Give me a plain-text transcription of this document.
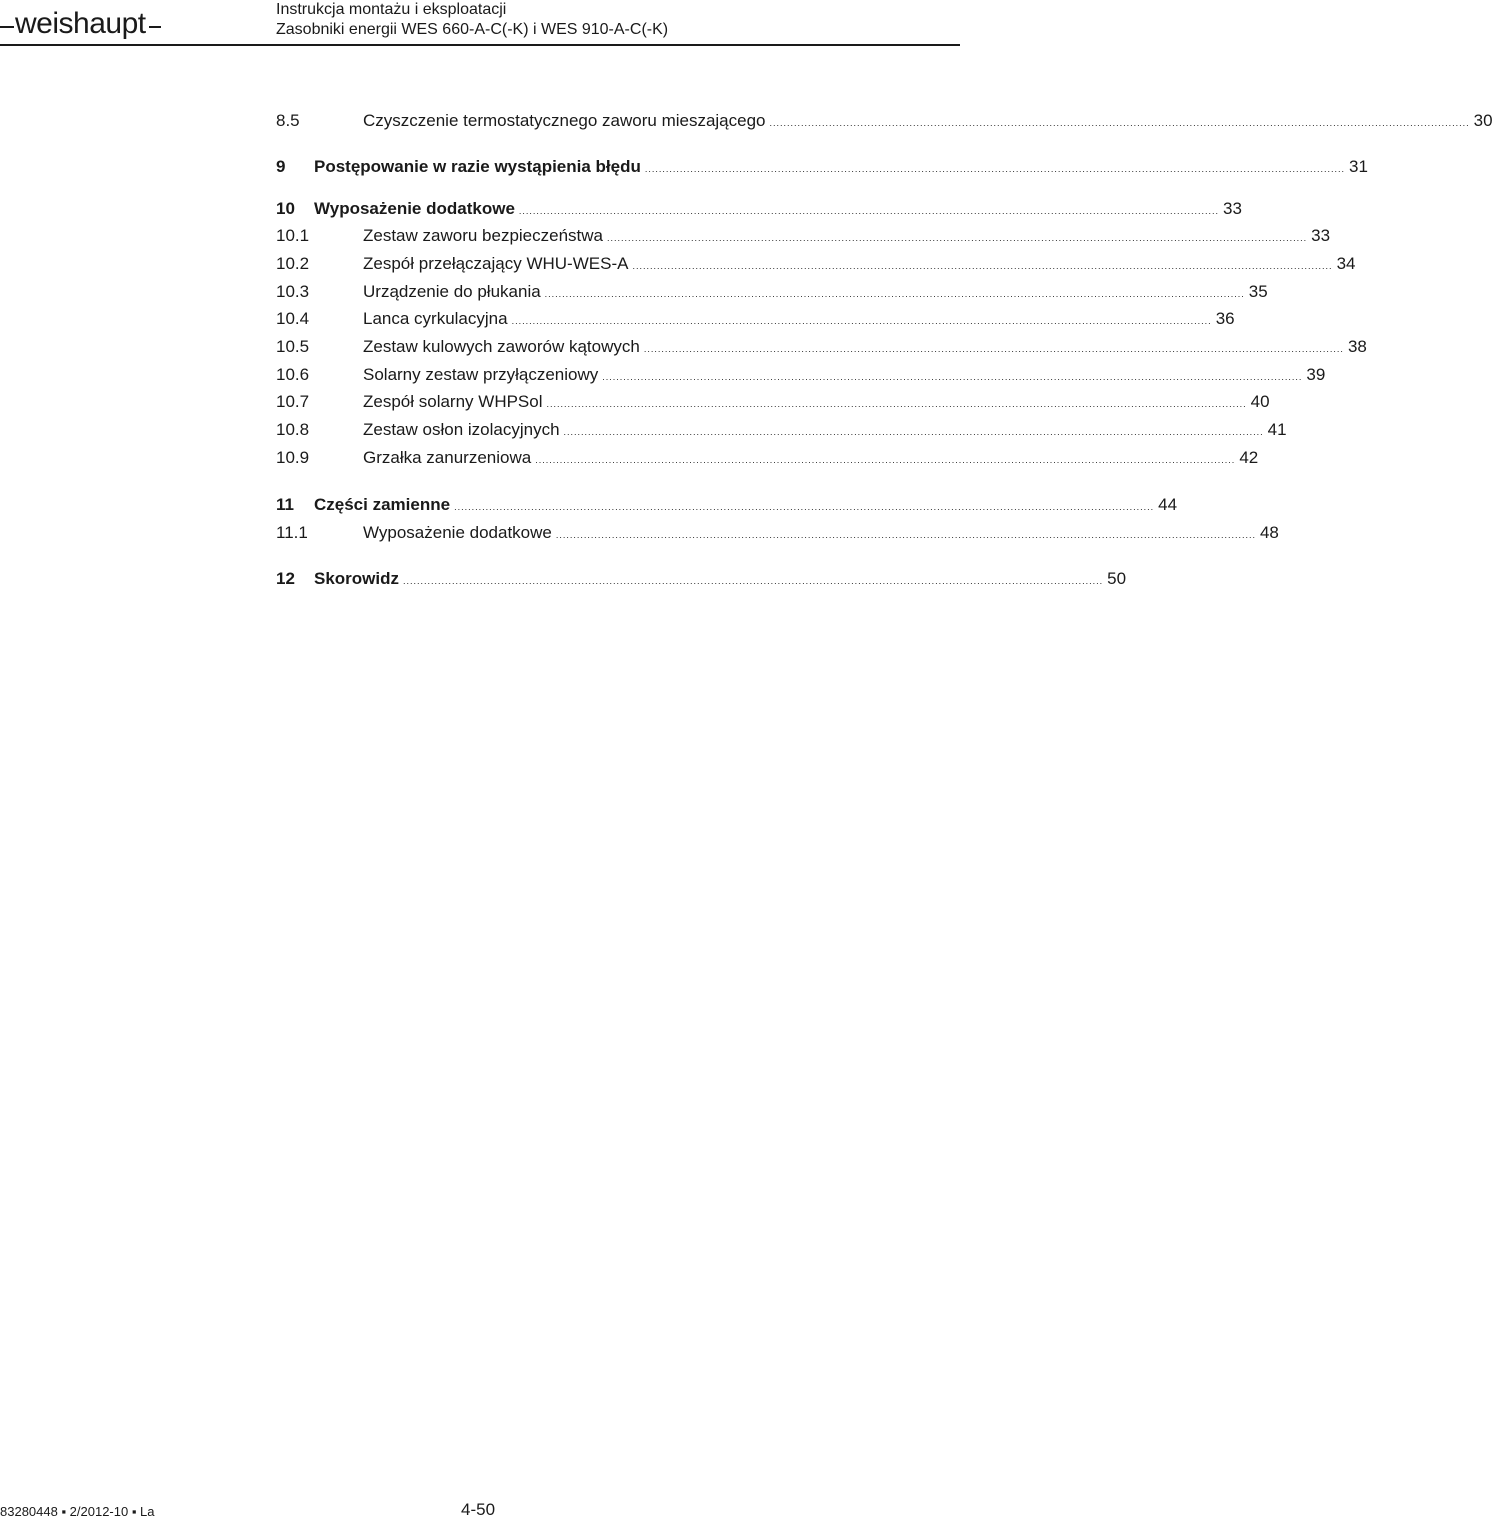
weishaupt	Instrukcja montażu i eksploatacji
Zasobniki energii WES 660-A-C(-K) i WES 910-A-C(-K)
8.5	Czyszczenie termostatycznego zaworu mieszającego ........................................................................................................................................................................................................ 30
9	Postępowanie w razie wystąpienia błędu ........................................................................................................................................................................................................ 31
10	Wyposażenie dodatkowe ........................................................................................................................................................................................................ 33
10.1	Zestaw zaworu bezpieczeństwa ........................................................................................................................................................................................................ 33
10.2	Zespół przełączający WHU-WES-A ........................................................................................................................................................................................................ 34
10.3	Urządzenie do płukania ........................................................................................................................................................................................................ 35
10.4	Lanca cyrkulacyjna ........................................................................................................................................................................................................ 36
10.5	Zestaw kulowych zaworów kątowych ........................................................................................................................................................................................................ 38
10.6	Solarny zestaw przyłączeniowy ........................................................................................................................................................................................................ 39
10.7	Zespół solarny WHPSol ........................................................................................................................................................................................................ 40
10.8	Zestaw osłon izolacyjnych ........................................................................................................................................................................................................ 41
10.9	Grzałka zanurzeniowa ........................................................................................................................................................................................................ 42
11	Części zamienne ........................................................................................................................................................................................................ 44
11.1	Wyposażenie dodatkowe ........................................................................................................................................................................................................ 48
12	Skorowidz ........................................................................................................................................................................................................ 50
83280448 ▪ 2/2012-10 ▪ La	4-50
